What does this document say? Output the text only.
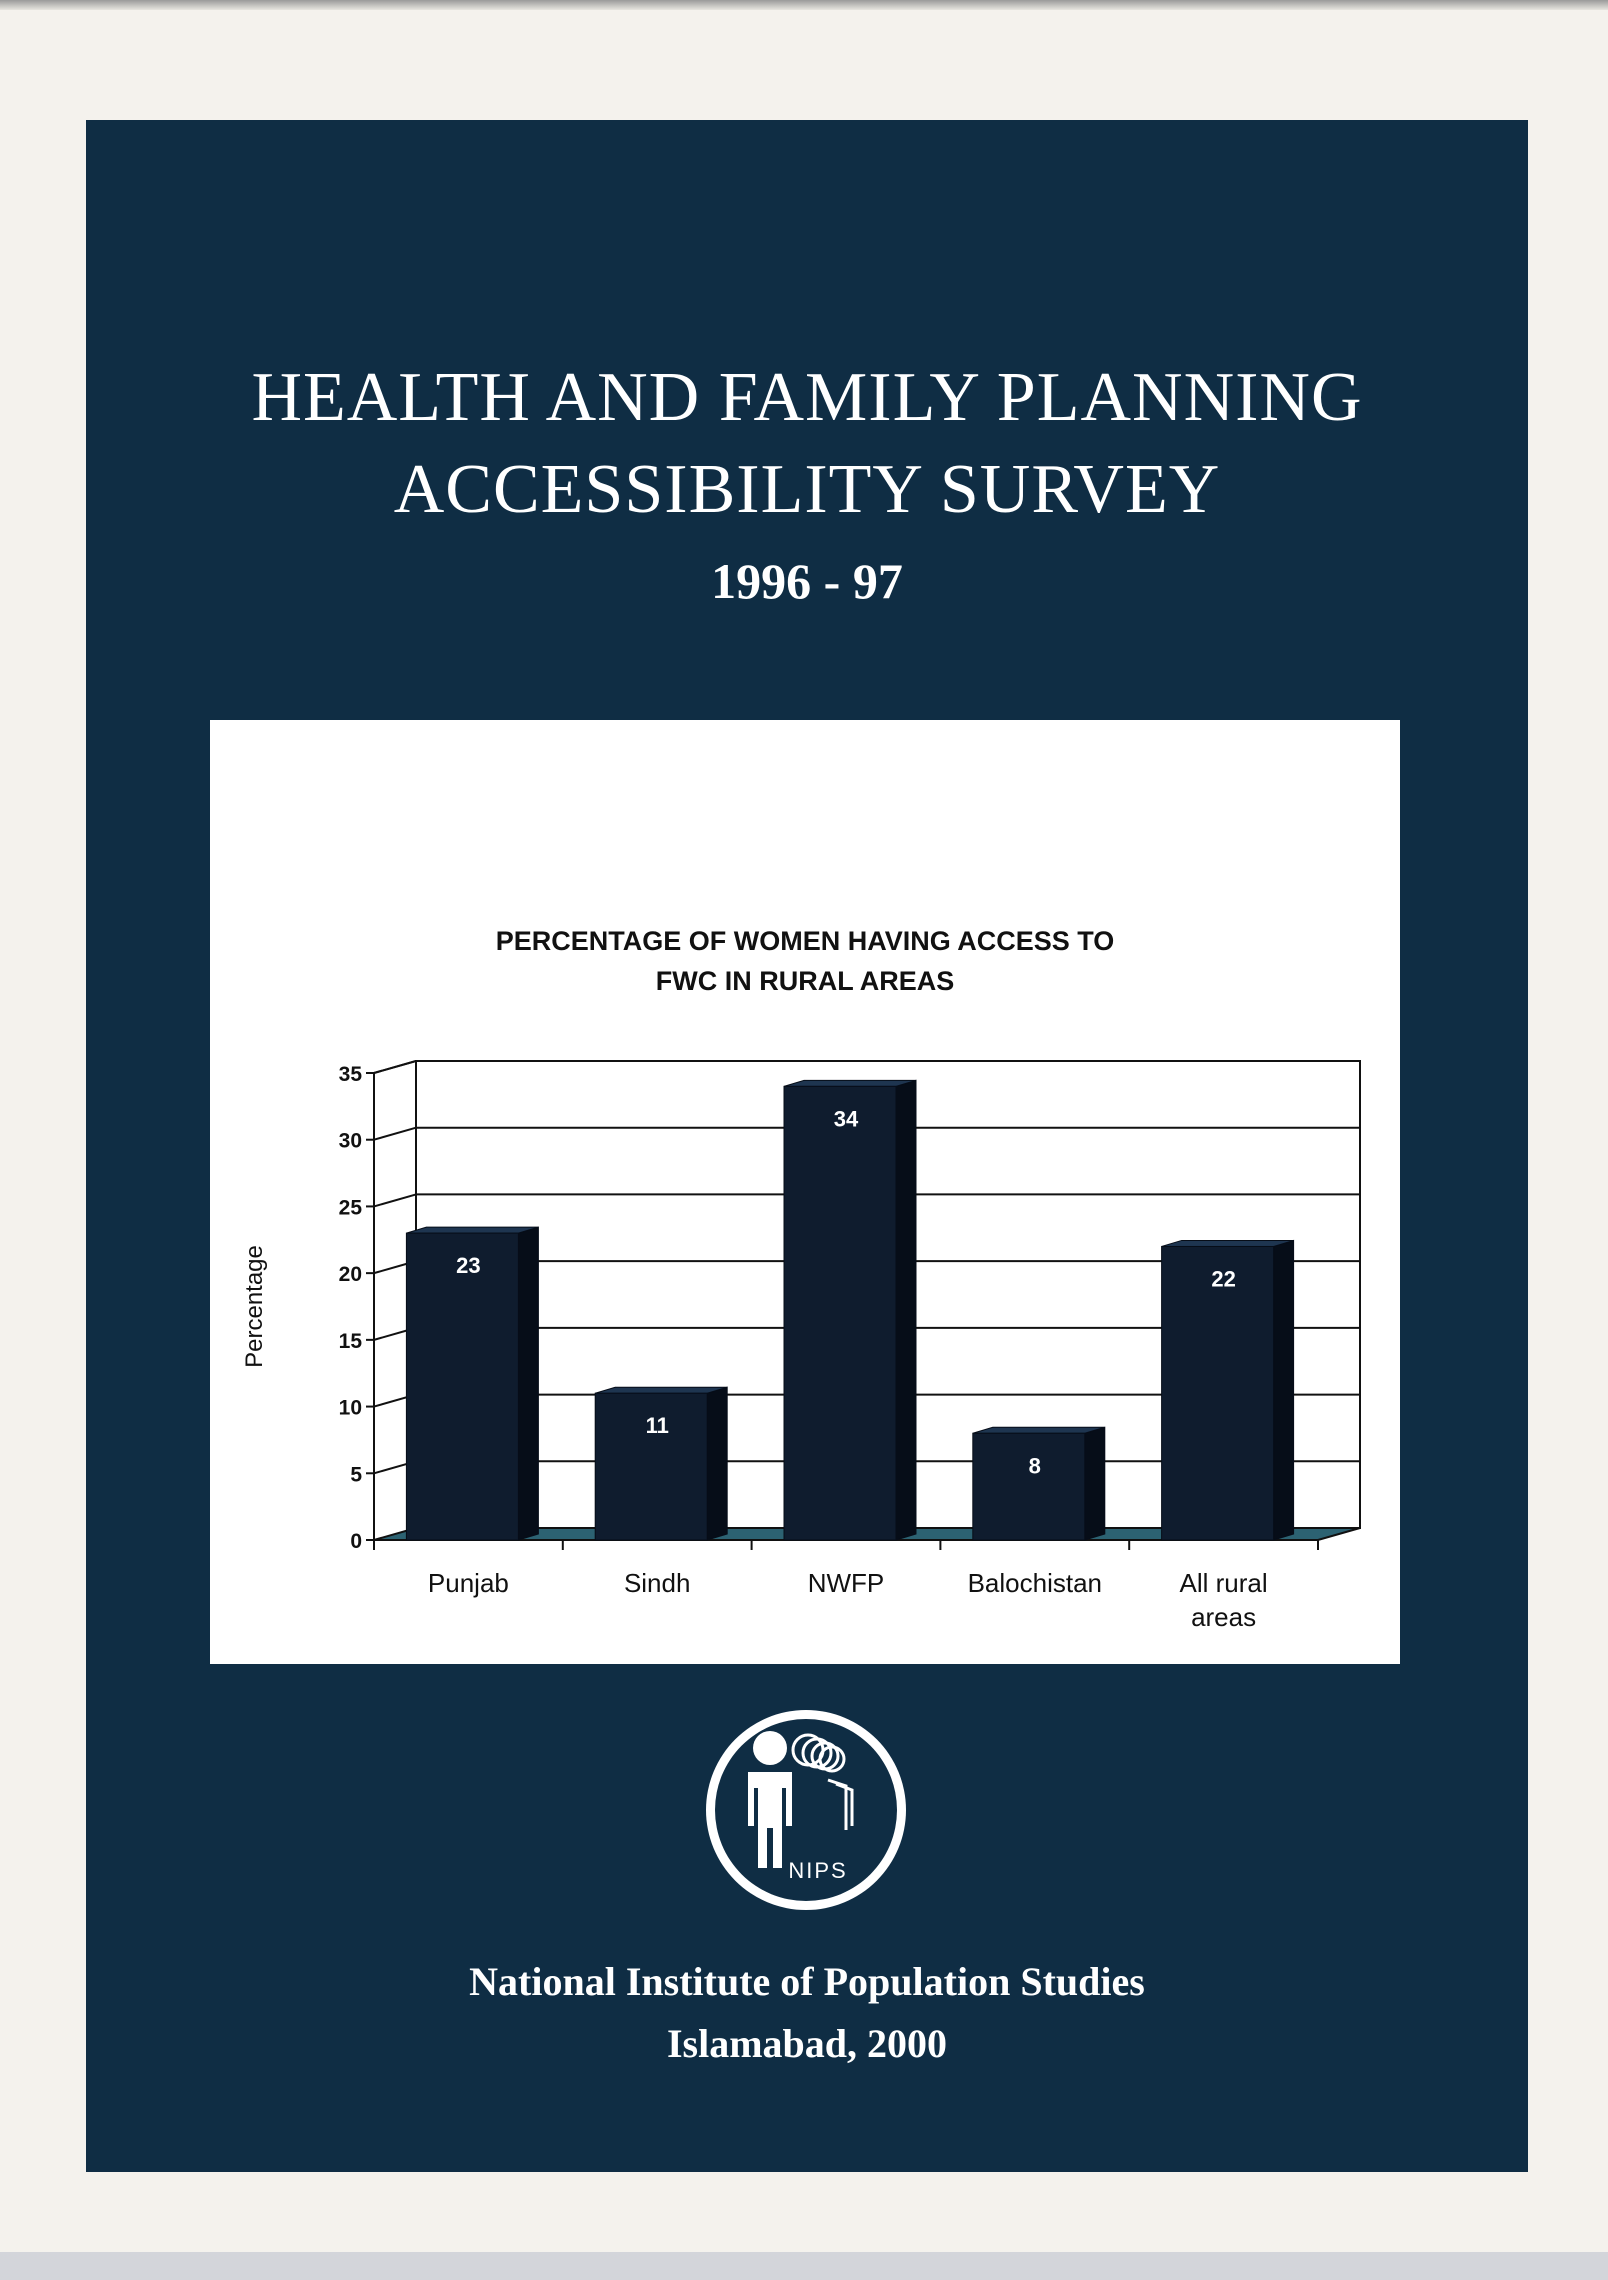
HEALTH AND FAMILY PLANNING
ACCESSIBILITY SURVEY
1996 - 97
PERCENTAGE OF WOMEN HAVING ACCESS TO
FWC IN RURAL AREAS
Percentage
0
5
10
15
20
25
30
35
23
Punjab
11
Sindh
34
NWFP
8
Balochistan
22
All rural
areas
NIPS
National Institute of Population Studies
Islamabad, 2000
